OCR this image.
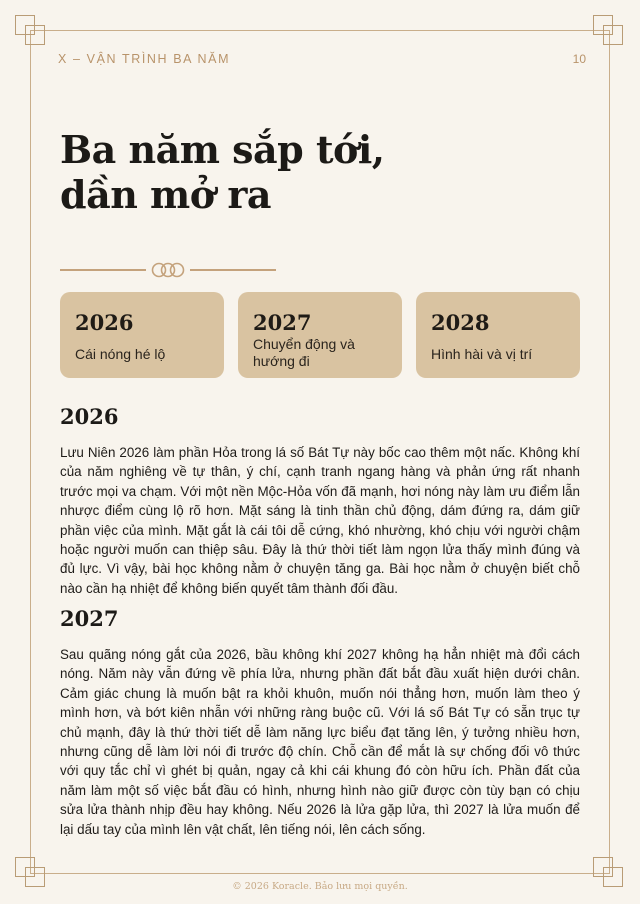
X – VẬN TRÌNH BA NĂM	10
Ba năm sắp tới,
dần mở ra
2026
Cái nóng hé lộ
2027
Chuyển động và hướng đi
2028
Hình hài và vị trí
2026

Lưu Niên 2026 làm phần Hỏa trong lá số Bát Tự này bốc cao thêm một nấc. Không khí của năm nghiêng về tự thân, ý chí, cạnh tranh ngang hàng và phản ứng rất nhanh trước mọi va chạm. Với một nền Mộc-Hỏa vốn đã mạnh, hơi nóng này làm ưu điểm lẫn nhược điểm cùng lộ rõ hơn. Mặt sáng là tinh thần chủ động, dám đứng ra, dám giữ phần việc của mình. Mặt gắt là cái tôi dễ cứng, khó nhường, khó chịu với người chậm hoặc người muốn can thiệp sâu. Đây là thứ thời tiết làm ngọn lửa thấy mình đúng và đủ lực. Vì vậy, bài học không nằm ở chuyện tăng ga. Bài học nằm ở chuyện biết chỗ nào cần hạ nhiệt để không biến quyết tâm thành đối đầu.

2027

Sau quãng nóng gắt của 2026, bầu không khí 2027 không hạ hẳn nhiệt mà đổi cách nóng. Năm này vẫn đứng về phía lửa, nhưng phần đất bắt đầu xuất hiện dưới chân. Cảm giác chung là muốn bật ra khỏi khuôn, muốn nói thẳng hơn, muốn làm theo ý mình hơn, và bớt kiên nhẫn với những ràng buộc cũ. Với lá số Bát Tự có sẵn trục tự chủ mạnh, đây là thứ thời tiết dễ làm năng lực biểu đạt tăng lên, ý tưởng nhiều hơn, nhưng cũng dễ làm lời nói đi trước độ chín. Chỗ cần để mắt là sự chống đối vô thức với quy tắc chỉ vì ghét bị quản, ngay cả khi cái khung đó còn hữu ích. Phần đất của năm làm một số việc bắt đầu có hình, nhưng hình nào giữ được còn tùy bạn có chịu sửa lửa thành nhịp đều hay không. Nếu 2026 là lửa gặp lửa, thì 2027 là lửa muốn để lại dấu tay của mình lên vật chất, lên tiếng nói, lên cách sống.

© 2026 Koracle. Bảo lưu mọi quyền.
